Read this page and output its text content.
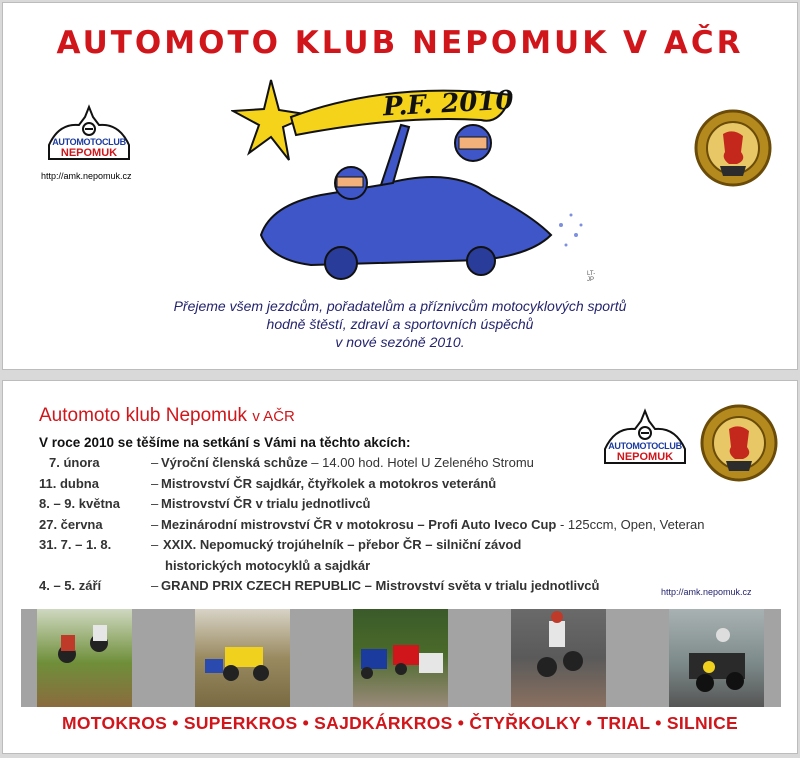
AUTOMOTO KLUB NEPOMUK V AČR
AUTOMOTOCLUB
NEPOMUK
http://amk.nepomuk.cz
P.F. 2010
LT-JP
Přejeme všem jezdcům, pořadatelům a příznivcům motocyklových sportů
hodně štěstí, zdraví a sportovních úspěchů
v nové sezóně 2010.
Automoto klub Nepomuk v AČR
V roce 2010 se těšíme na setkání s Vámi na těchto akcích:
7. února	– Výroční členská schůze – 14.00 hod. Hotel U Zeleného Stromu
11. dubna	– Mistrovství ČR sajdkár, čtyřkolek a motokros veteránů
8. – 9. května – Mistrovství ČR v trialu jednotlivců
27. června	– Mezinárodní mistrovství ČR v motokrosu – Profi Auto Iveco Cup - 125ccm, Open, Veteran
31. 7. – 1. 8.	– XXIX. Nepomucký trojúhelník – přebor ČR – silniční závod
historických motocyklů a sajdkár
4. – 5. září	– GRAND PRIX CZECH REPUBLIC – Mistrovství světa v trialu jednotlivců
AUTOMOTOCLUB
NEPOMUK
http://amk.nepomuk.cz
MOTOKROS • SUPERKROS • SAJDKÁRKROS • ČTYŘKOLKY • TRIAL • SILNICE
